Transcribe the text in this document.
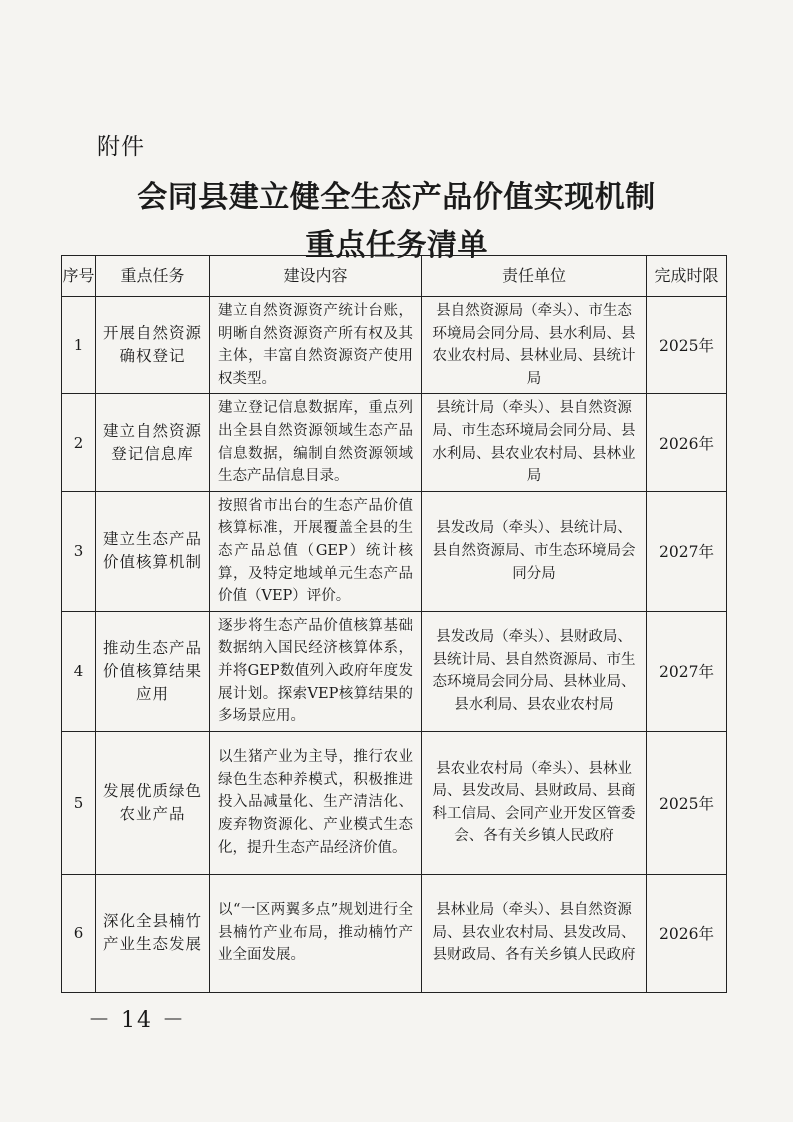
附件
会同县建立健全生态产品价值实现机制
重点任务清单
序号	重点任务	建设内容	责任单位	完成时限
1	开展自然资源确权登记	建立自然资源资产统计台账，明晰自然资源资产所有权及其主体，丰富自然资源资产使用权类型。	县自然资源局（牵头）、市生态环境局会同分局、县水利局、县农业农村局、县林业局、县统计局	2025年
2	建立自然资源登记信息库	建立登记信息数据库，重点列出全县自然资源领域生态产品信息数据，编制自然资源领域生态产品信息目录。	县统计局（牵头）、县自然资源局、市生态环境局会同分局、县水利局、县农业农村局、县林业局	2026年
3	建立生态产品价值核算机制	按照省市出台的生态产品价值核算标准，开展覆盖全县的生态产品总值（GEP）统计核算，及特定地域单元生态产品价值（VEP）评价。	县发改局（牵头）、县统计局、县自然资源局、市生态环境局会同分局	2027年
4	推动生态产品价值核算结果应用	逐步将生态产品价值核算基础数据纳入国民经济核算体系，并将GEP数值列入政府年度发展计划。探索VEP核算结果的多场景应用。	县发改局（牵头）、县财政局、县统计局、县自然资源局、市生态环境局会同分局、县林业局、县水利局、县农业农村局	2027年
5	发展优质绿色农业产品	以生猪产业为主导，推行农业绿色生态种养模式，积极推进投入品减量化、生产清洁化、废弃物资源化、产业模式生态化，提升生态产品经济价值。	县农业农村局（牵头）、县林业局、县发改局、县财政局、县商科工信局、会同产业开发区管委会、各有关乡镇人民政府	2025年
6	深化全县楠竹产业生态发展	以“一区两翼多点”规划进行全县楠竹产业布局，推动楠竹产业全面发展。	县林业局（牵头）、县自然资源局、县农业农村局、县发改局、县财政局、各有关乡镇人民政府	2026年
－ 14 －
